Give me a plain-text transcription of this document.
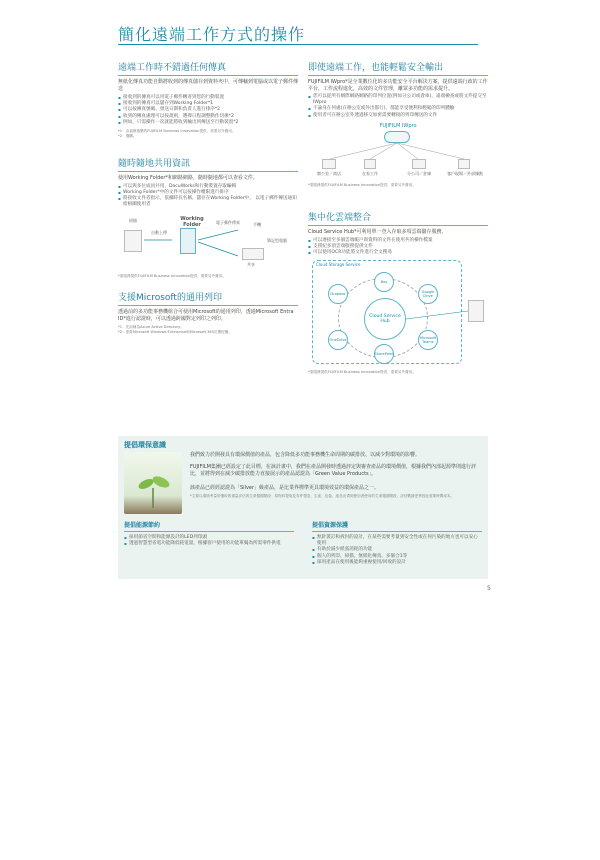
簡化遠端工作方式的操作
遠端工作時不錯過任何傳真
無紙化傳真功能自動將收到的傳真儲存到資料夾中，可傳輸到電腦或以電子郵件傳送
▪ 接收到的傳真可以用電子郵件轉寄到您的行動裝置
▪ 接收到的傳真可以儲存到Working Folder*1
▪ 可以按傳真號碼、發送日期和負責人進行排序*2
▪ 收到的傳真處理可以按規則，選擇日程調整動作切換*2
▪ 例如，只需操作一次就能將收到輸出到傳送至行動裝置*2
*1：由福斯施樂的FUJIFILM Business Innovation提供，需要另外費用。
*2：選購。
隨時隨地共用資訊
使用Working Folder*和網路網路，隨時隨地都可以查看文件。
▪ 可以與多位成員共用，DocuWorks和行動裝置存取編輯
▪ Working Folder*中的文件可以按操作權限進行排序
▪ 將接收文件者指示，依據時長名稱，儲存在Working Folder中。 以電子郵件傳送通知給相關使用者
掃描
自動上傳
Working Folder	電子郵件傳真	手機
筆記型電腦
共享
*需服務提供FUJIFILM Business Innovation提供，需要另外費用。
支援Microsoft的通用列印
透過前的多功能事務機組合可使用Microsoft的通用列印，透過Microsoft Entra ID*進行認證時，可以透過跨國對定列印之列印。
*1：先前稱為Azure Active Directory。
*2：需要Microsoft Windows Enterprise和Microsoft 365訂閱授權。
即使遠端工作，也能輕鬆安全輸出
FUJIFILM IWpro*是全業數位化的多功能安全平台解決方案，提供遠端行政的工作平台，工作流程進化，高效的文件管理，離眾多功能的需求提升。
▪ 您可以從所有網際網路網路的印列位置(例如分公司或倉庫)，遠端檢查或將文件提交至IWpro
▪ 不論身在何處(在辦公室或外出都行)，都能享受便利和輕鬆的印列體驗
▪ 使用者可在辦公室外透過移交加密需要轉接的列印傳送的文件
FUJIFILM IWpro
辦公室／商店	在家工作	分公司／倉庫	客戶現場／外部據點
*需服務提供FUJIFILM Business Innovation提供，需要另外費用。
集中化雲端整合
Cloud Service Hub*可利用單一登入存取多項雲端儲存服務。
▪ 可以連接至多個雲端帳戶與資料的文件在使用共的操作檔案
▪ 支援紀多項雲端服務提供文件
▪ 可以使用OCR功能將文件進行全文搜尋
Cloud Storage Service
Cloud Service Hub
Dropbox
Box
Google Drive
OneDrive
SharePoint
Microsoft Teams
*需服務提供FUJIFILM Business Innovation提供，需要另外費用。
提倡環保意識
我們致力於開發具有環保價值的產品，包含降低多功能事務機生命周期的碳排放、以減少對環境的影響。
FUJIFILM集團已經設定了此目標，在該計畫中，我們在產品開發時透過評定與審查產品的環境價值，根據我們內部起源準則進行評比，並將得到在減少碳排放能力直接展示的產品認證為「Green Value Products」。
該產品已經經認證為「Silver」級產品，是比業界標準更具環境效益的環保產品之一。
*主要以環境考量所選取的重量評估的生命週期階段：原物料提取及零件製造、生產、包裝、產品出貨到使用者使用的生命週期階段，評估數據差異因此需要時間成本。
提倡能源節約
▪ 採用節省空間和能源設計的LED列印頭
▪ 透過智慧型省電功能降低耗電量，根據客戶使用的功能單獨為所需零件供電
提倡資源保護
▪ 無針裝訂和拆封的設計，在某些需要考量到安全性或在何污染的地方也可以安心使用
▪ 有助於減少紙張消耗的功能
▪ 個人的列印、掃描、無紙化傳真、多個合1等
▪ 採用產品在使用後能夠重複使用/回收的設計
5
